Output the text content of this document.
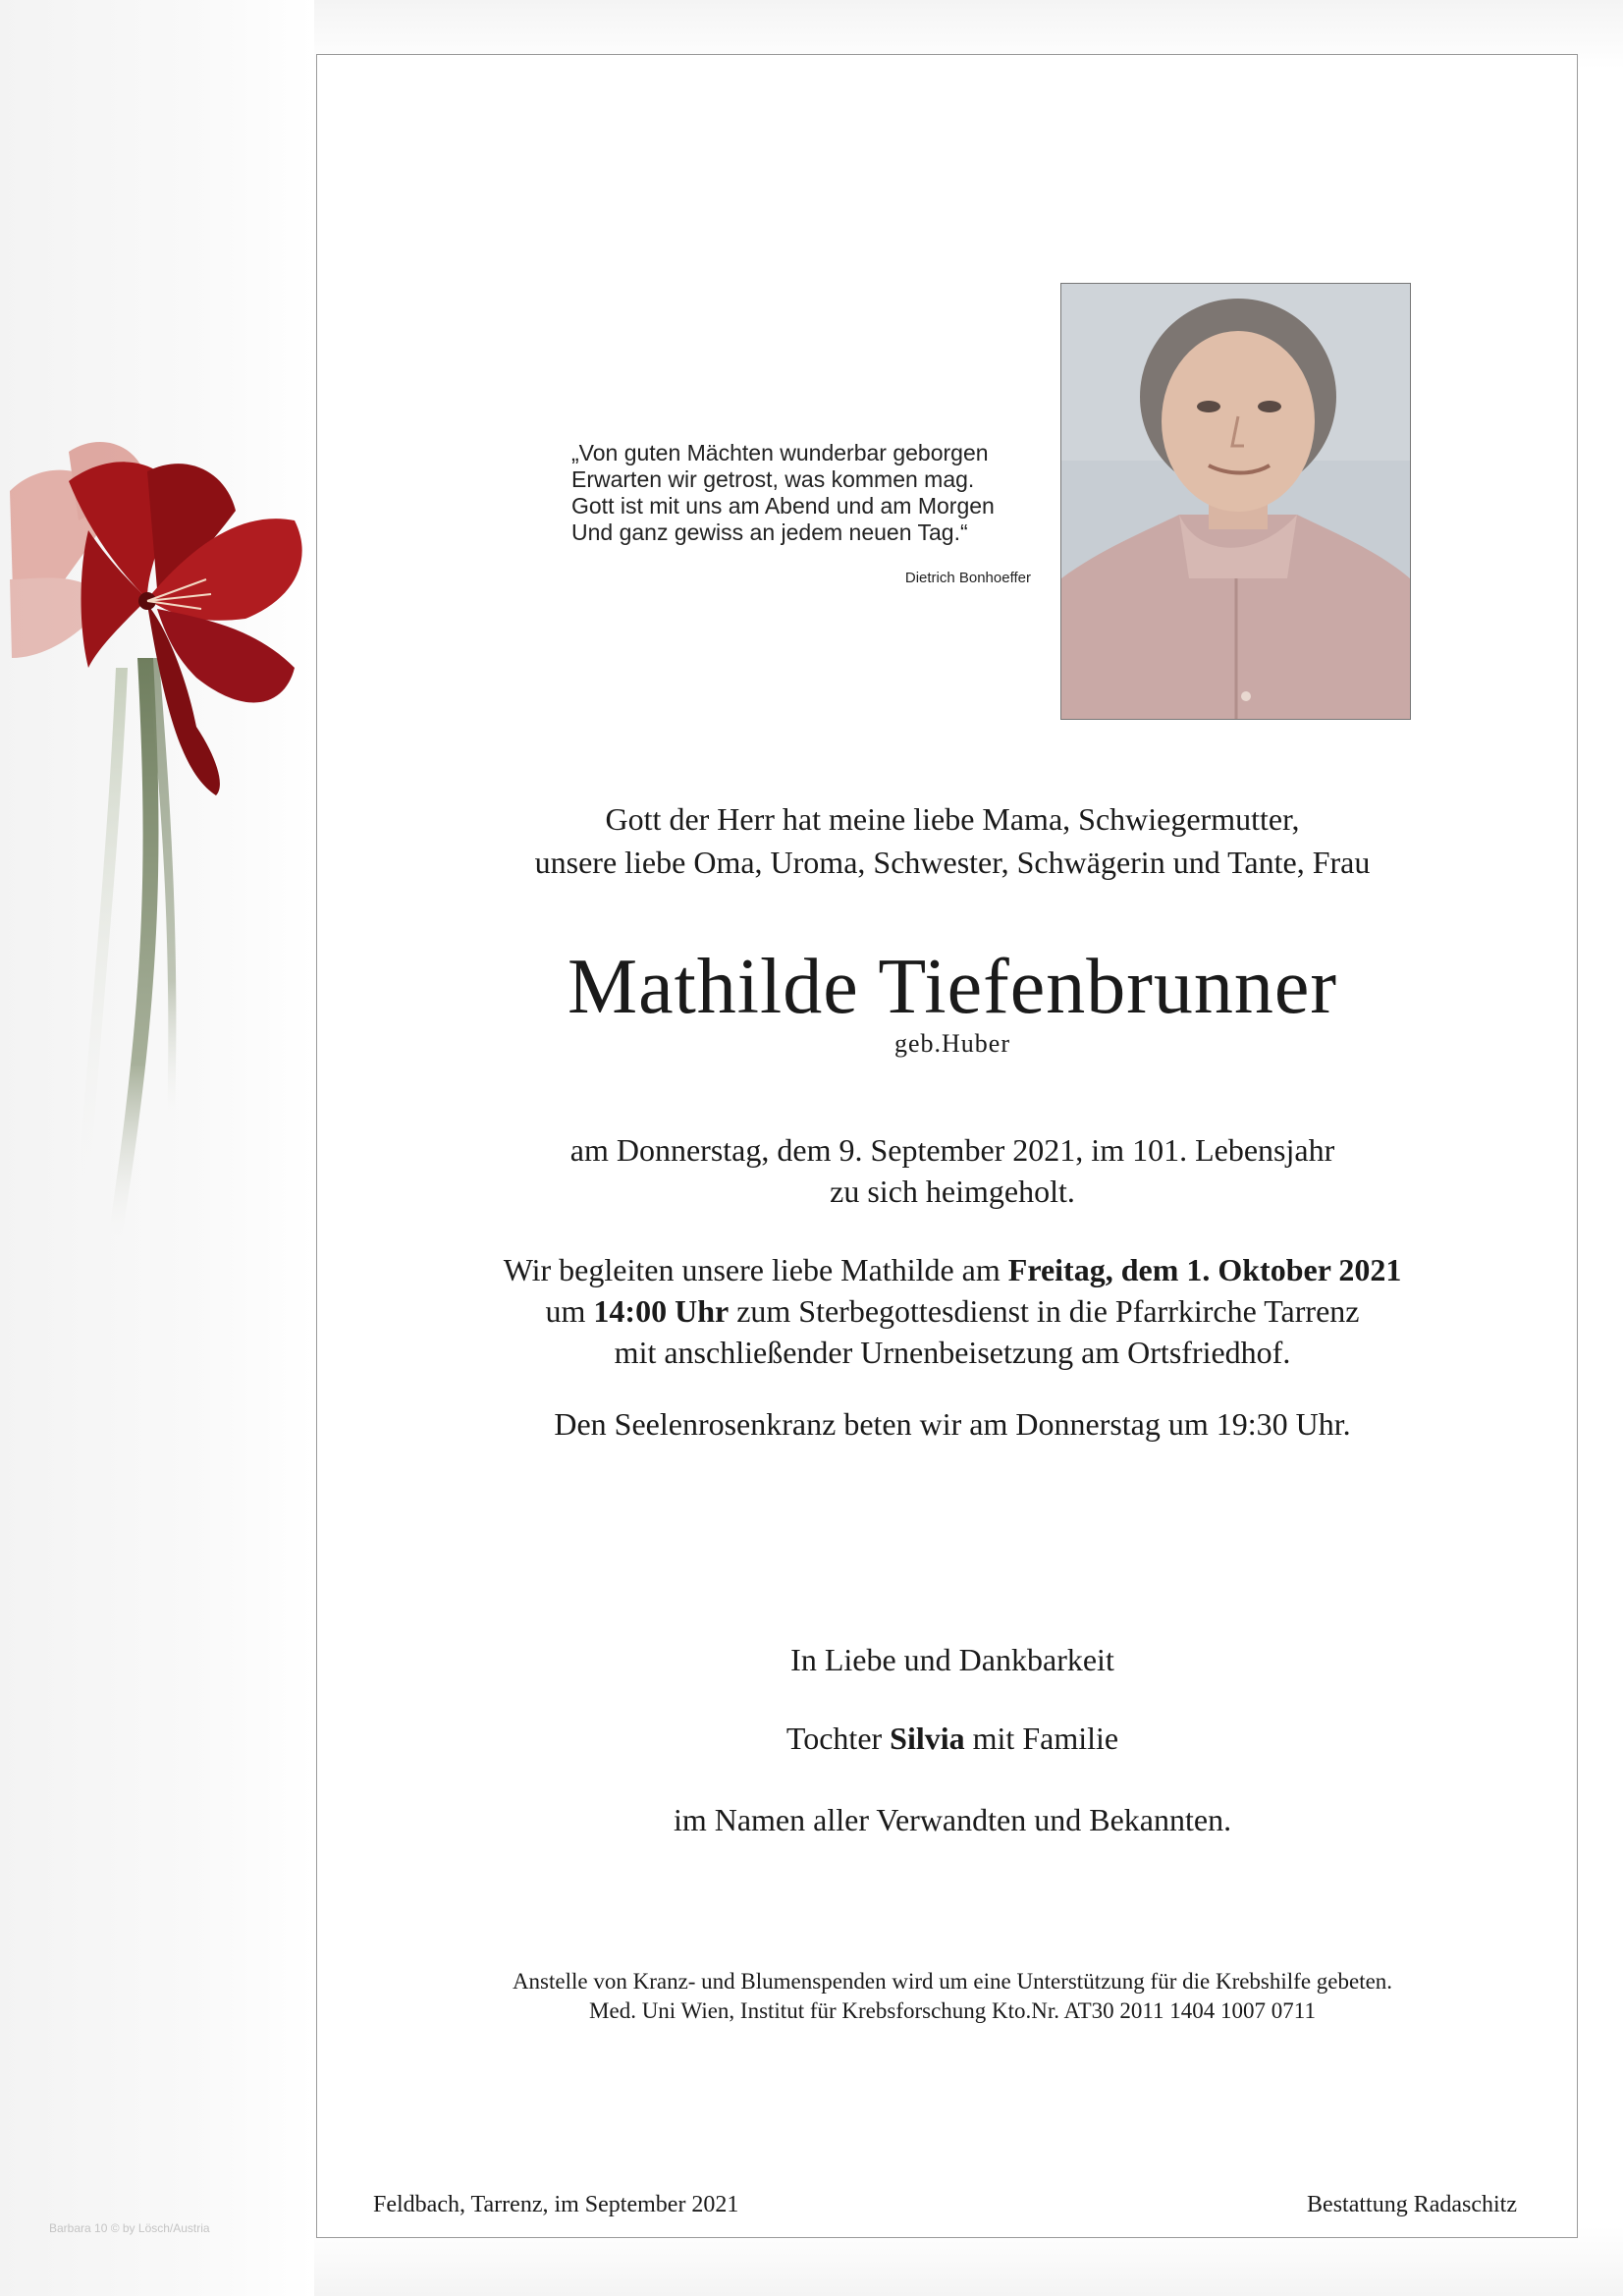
„Von guten Mächten wunderbar geborgen
Erwarten wir getrost, was kommen mag.
Gott ist mit uns am Abend und am Morgen
Und ganz gewiss an jedem neuen Tag.“
Dietrich Bonhoeffer
Gott der Herr hat meine liebe Mama, Schwiegermutter,
unsere liebe Oma, Uroma, Schwester, Schwägerin und Tante, Frau
Mathilde Tiefenbrunner
geb.Huber
am Donnerstag, dem 9. September 2021, im 101. Lebensjahr
zu sich heimgeholt.
Wir begleiten unsere liebe Mathilde am Freitag, dem 1. Oktober 2021
um 14:00 Uhr zum Sterbegottesdienst in die Pfarrkirche Tarrenz
mit anschließender Urnenbeisetzung am Ortsfriedhof.
Den Seelenrosenkranz beten wir am Donnerstag um 19:30 Uhr.
In Liebe und Dankbarkeit
Tochter Silvia mit Familie
im Namen aller Verwandten und Bekannten.
Anstelle von Kranz- und Blumenspenden wird um eine Unterstützung für die Krebshilfe gebeten.
Med. Uni Wien, Institut für Krebsforschung Kto.Nr. AT30 2011 1404 1007 0711
Feldbach, Tarrenz, im September 2021	Bestattung Radaschitz
Barbara 10 © by Lösch/Austria
